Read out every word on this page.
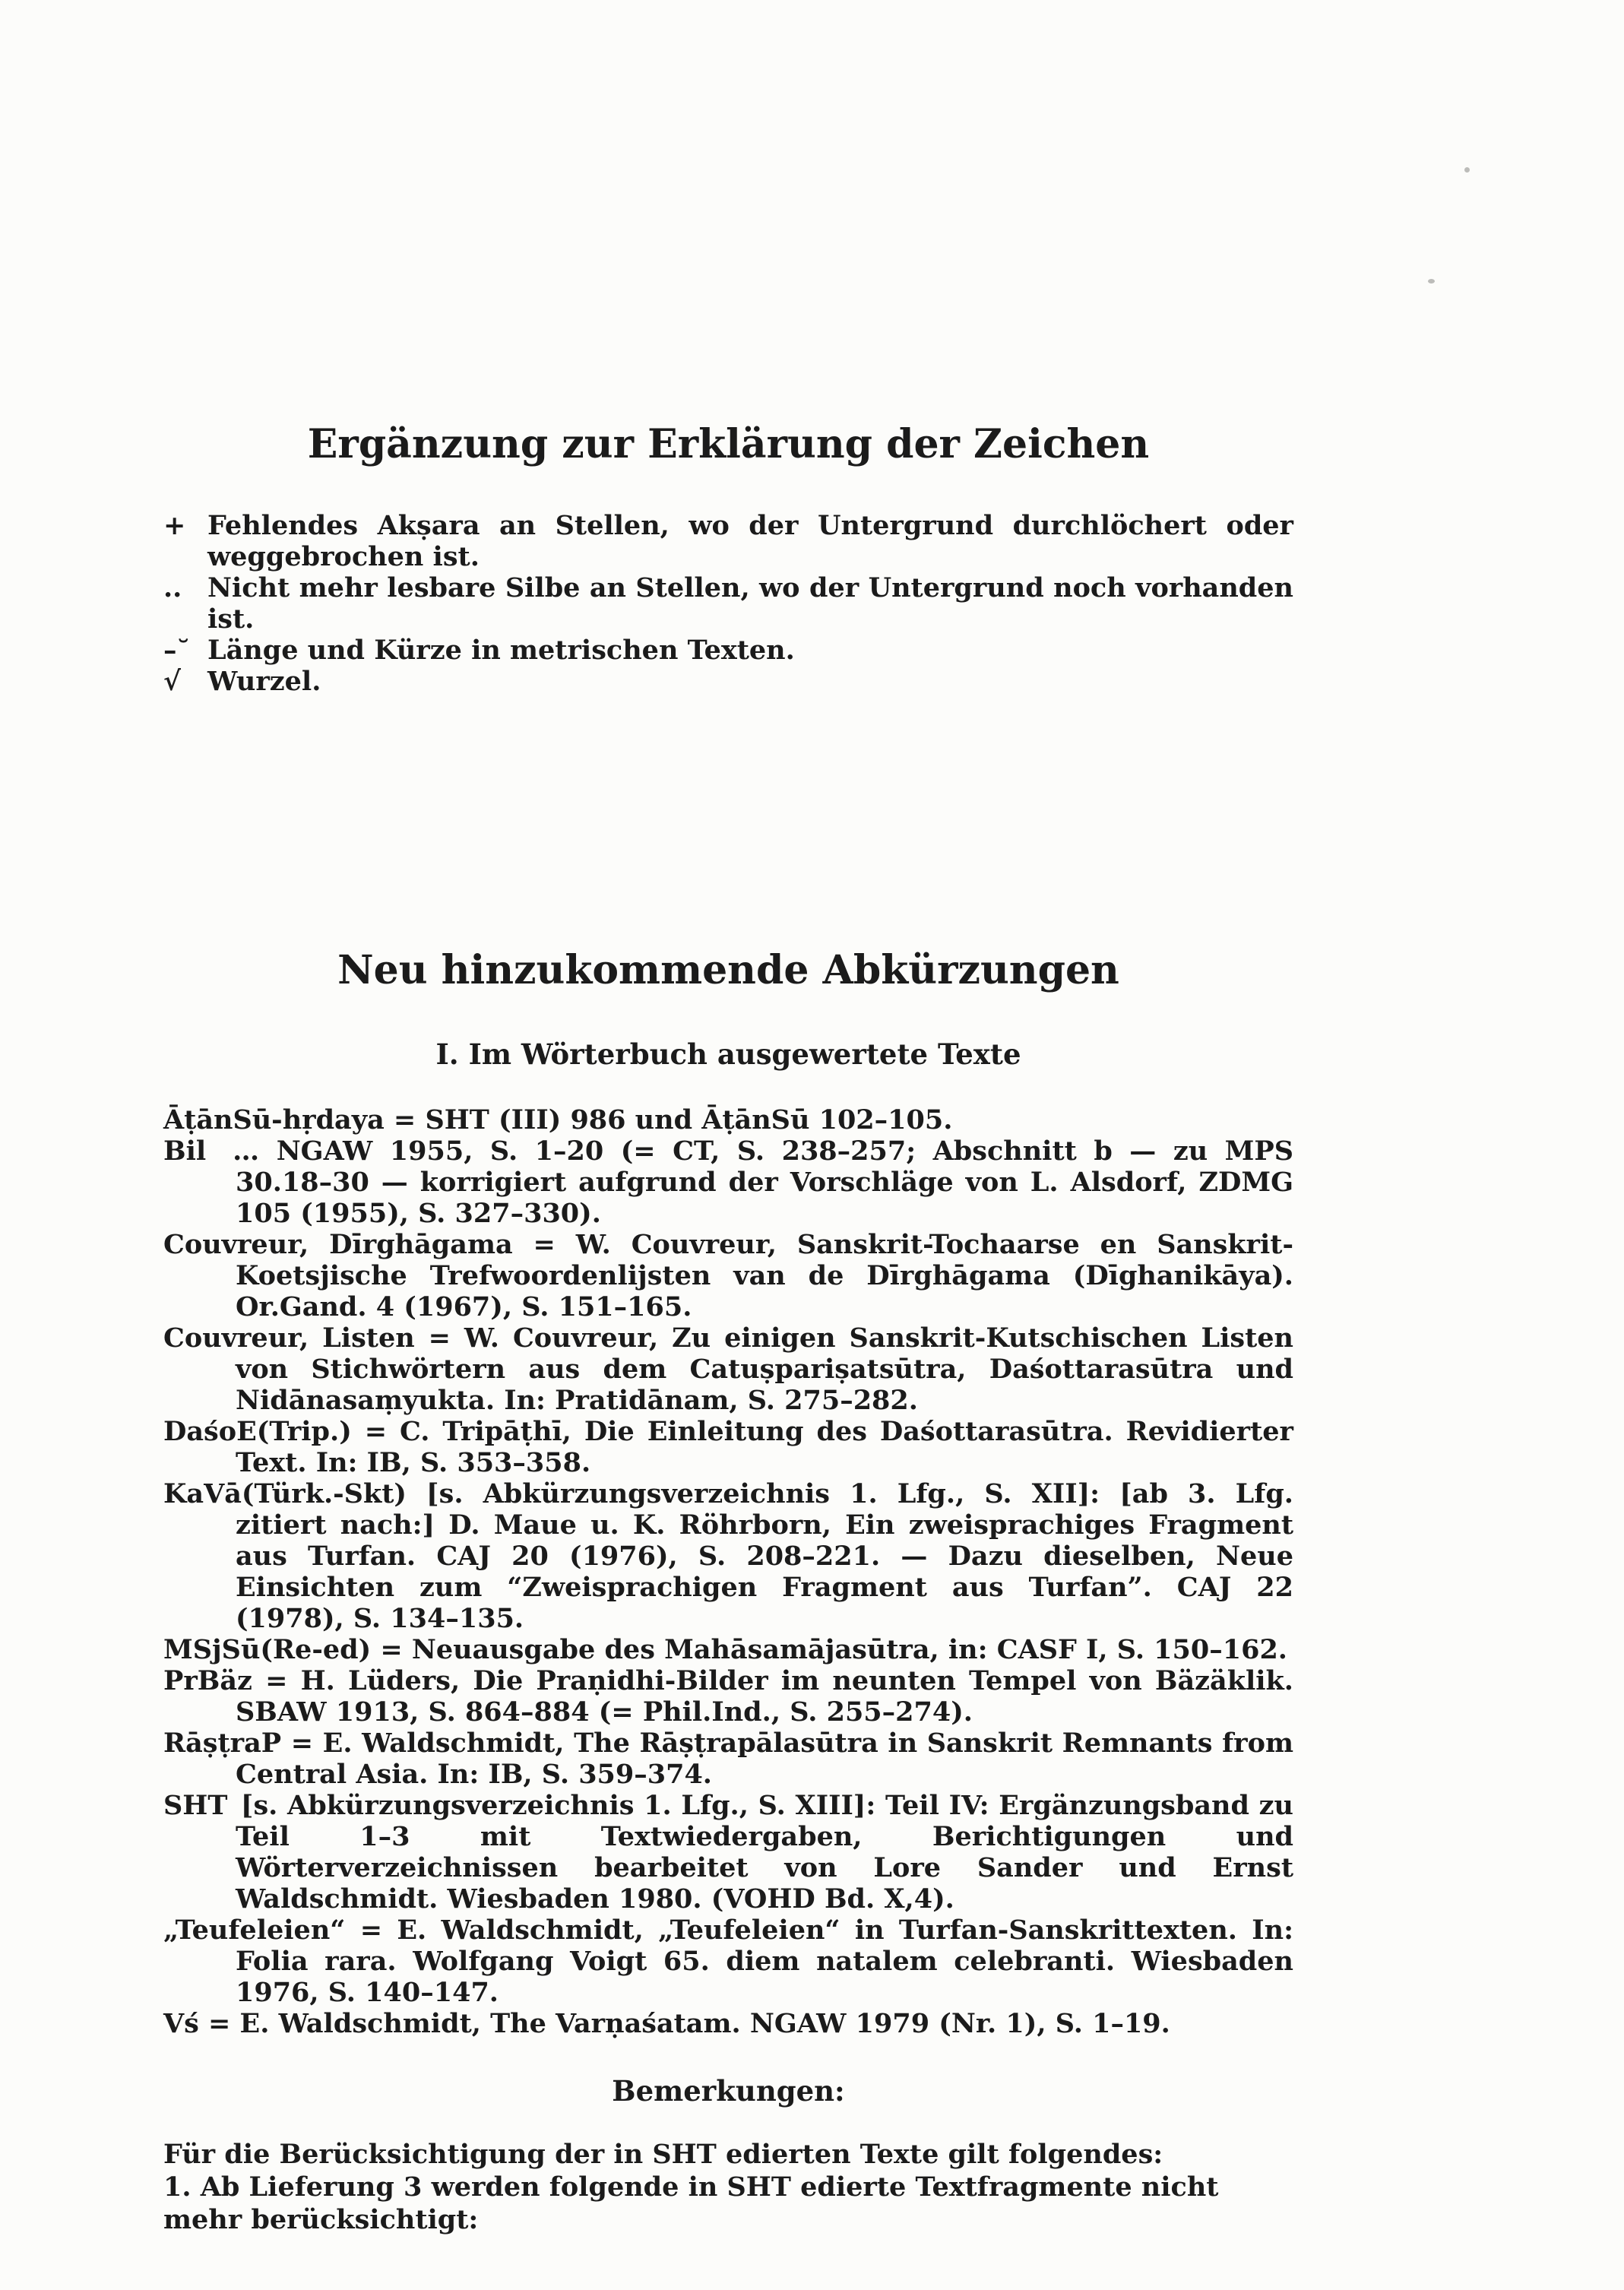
Ergänzung zur Erklärung der Zeichen
+ Fehlendes Akṣara an Stellen, wo der Untergrund durchlöchert oder weggebrochen ist.
.. Nicht mehr lesbare Silbe an Stellen, wo der Untergrund noch vorhanden ist.
–˘ Länge und Kürze in metrischen Texten.
√ Wurzel.
Neu hinzukommende Abkürzungen
I. Im Wörterbuch ausgewertete Texte
ĀṭānSū-hṛdaya = SHT (III) 986 und ĀṭānSū 102–105.
Bil … NGAW 1955, S. 1–20 (= CT, S. 238–257; Abschnitt b — zu MPS 30.18–30 — korrigiert aufgrund der Vorschläge von L. Alsdorf, ZDMG 105 (1955), S. 327–330).
Couvreur, Dīrghāgama = W. Couvreur, Sanskrit-Tochaarse en Sanskrit-Koetsjische Trefwoordenlijsten van de Dīrghāgama (Dīghanikāya). Or.Gand. 4 (1967), S. 151–165.
Couvreur, Listen = W. Couvreur, Zu einigen Sanskrit-Kutschischen Listen von Stichwörtern aus dem Catuṣpariṣatsūtra, Daśottarasūtra und Nidānasaṃyukta. In: Pratidānam, S. 275–282.
DaśoE(Trip.) = C. Tripāṭhī, Die Einleitung des Daśottarasūtra. Revidierter Text. In: IB, S. 353–358.
KaVā(Türk.-Skt) [s. Abkürzungsverzeichnis 1. Lfg., S. XII]: [ab 3. Lfg. zitiert nach:] D. Maue u. K. Röhrborn, Ein zweisprachiges Fragment aus Turfan. CAJ 20 (1976), S. 208–221. — Dazu dieselben, Neue Einsichten zum “Zweisprachigen Fragment aus Turfan”. CAJ 22 (1978), S. 134–135.
MSjSū(Re-ed) = Neuausgabe des Mahāsamājasūtra, in: CASF I, S. 150–162.
PrBäz = H. Lüders, Die Praṇidhi-Bilder im neunten Tempel von Bäzäklik. SBAW 1913, S. 864–884 (= Phil.Ind., S. 255–274).
RāṣṭraP = E. Waldschmidt, The Rāṣṭrapālasūtra in Sanskrit Remnants from Central Asia. In: IB, S. 359–374.
SHT [s. Abkürzungsverzeichnis 1. Lfg., S. XIII]: Teil IV: Ergänzungsband zu Teil 1–3 mit Textwiedergaben, Berichtigungen und Wörterverzeichnissen bearbeitet von Lore Sander und Ernst Waldschmidt. Wiesbaden 1980. (VOHD Bd. X,4).
„Teufeleien“ = E. Waldschmidt, „Teufeleien“ in Turfan-Sanskrittexten. In: Folia rara. Wolfgang Voigt 65. diem natalem celebranti. Wiesbaden 1976, S. 140–147.
Vś = E. Waldschmidt, The Varṇaśatam. NGAW 1979 (Nr. 1), S. 1–19.
Bemerkungen:
Für die Berücksichtigung der in SHT edierten Texte gilt folgendes:
1. Ab Lieferung 3 werden folgende in SHT edierte Textfragmente nicht mehr berücksichtigt:
